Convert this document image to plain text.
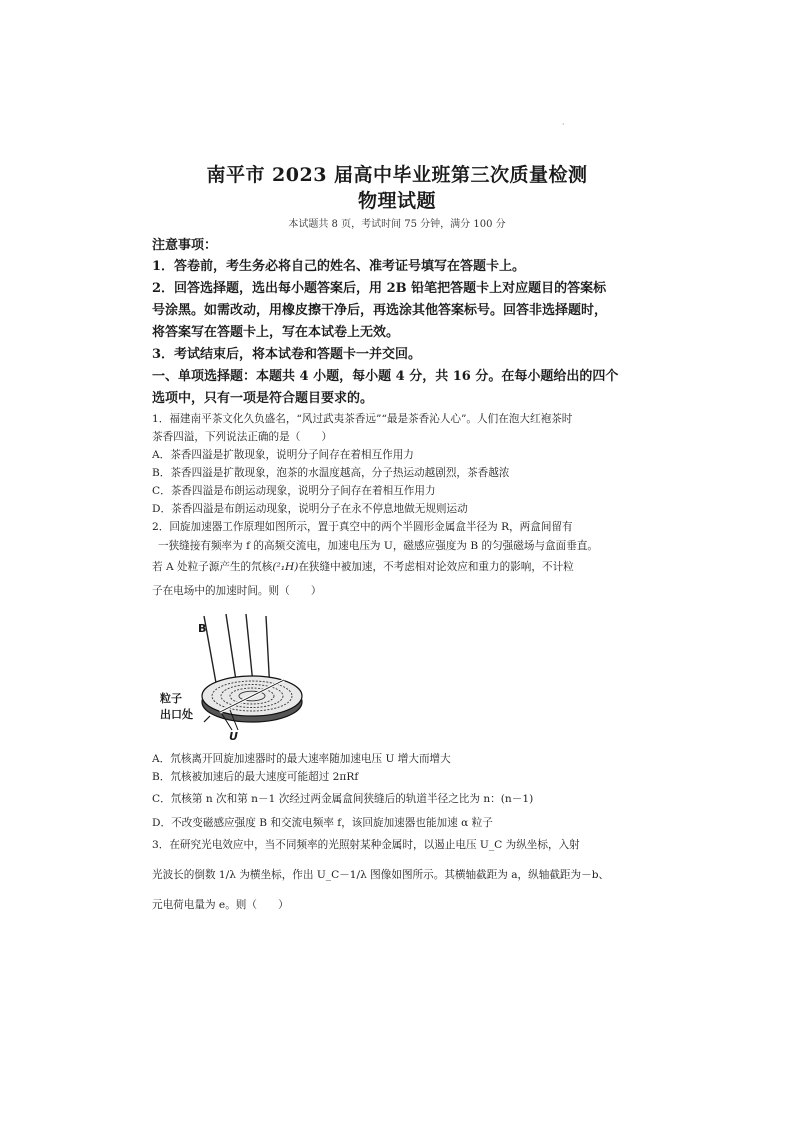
·
南平市 2023 届高中毕业班第三次质量检测
物理试题
本试题共 8 页，考试时间 75 分钟，满分 100 分
注意事项：
1．答卷前，考生务必将自己的姓名、准考证号填写在答题卡上。
2．回答选择题，选出每小题答案后，用 2B 铅笔把答题卡上对应题目的答案标
号涂黑。如需改动，用橡皮擦干净后，再选涂其他答案标号。回答非选择题时，
将答案写在答题卡上，写在本试卷上无效。
3．考试结束后，将本试卷和答题卡一并交回。
一、单项选择题：本题共 4 小题，每小题 4 分，共 16 分。在每小题给出的四个
选项中，只有一项是符合题目要求的。
1．福建南平茶文化久负盛名，“风过武夷茶香远”“最是茶香沁人心”。人们在泡大红袍茶时
茶香四溢，下列说法正确的是（　　）
A．茶香四溢是扩散现象，说明分子间存在着相互作用力
B．茶香四溢是扩散现象，泡茶的水温度越高，分子热运动越剧烈，茶香越浓
C．茶香四溢是布朗运动现象，说明分子间存在着相互作用力
D．茶香四溢是布朗运动现象，说明分子在永不停息地做无规则运动
2．回旋加速器工作原理如图所示，置于真空中的两个半圆形金属盒半径为 R，两盒间留有
一狭缝接有频率为 f 的高频交流电，加速电压为 U，磁感应强度为 B 的匀强磁场与盒面垂直。
若 A 处粒子源产生的氘核(²₁H)在狭缝中被加速，不考虑相对论效应和重力的影响，不计粒
子在电场中的加速时间。则（　　）
B
粒子
出口处
U
A．氘核离开回旋加速器时的最大速率随加速电压 U 增大而增大
B．氘核被加速后的最大速度可能超过 2πRf
C．氘核第 n 次和第 n－1 次经过两金属盒间狭缝后的轨道半径之比为 n：(n－1)
D．不改变磁感应强度 B 和交流电频率 f，该回旋加速器也能加速 α 粒子
3．在研究光电效应中，当不同频率的光照射某种金属时，以遏止电压 U_C 为纵坐标，入射
光波长的倒数 1/λ 为横坐标，作出 U_C－1/λ 图像如图所示。其横轴截距为 a，纵轴截距为－b、
元电荷电量为 e。则（　　）
